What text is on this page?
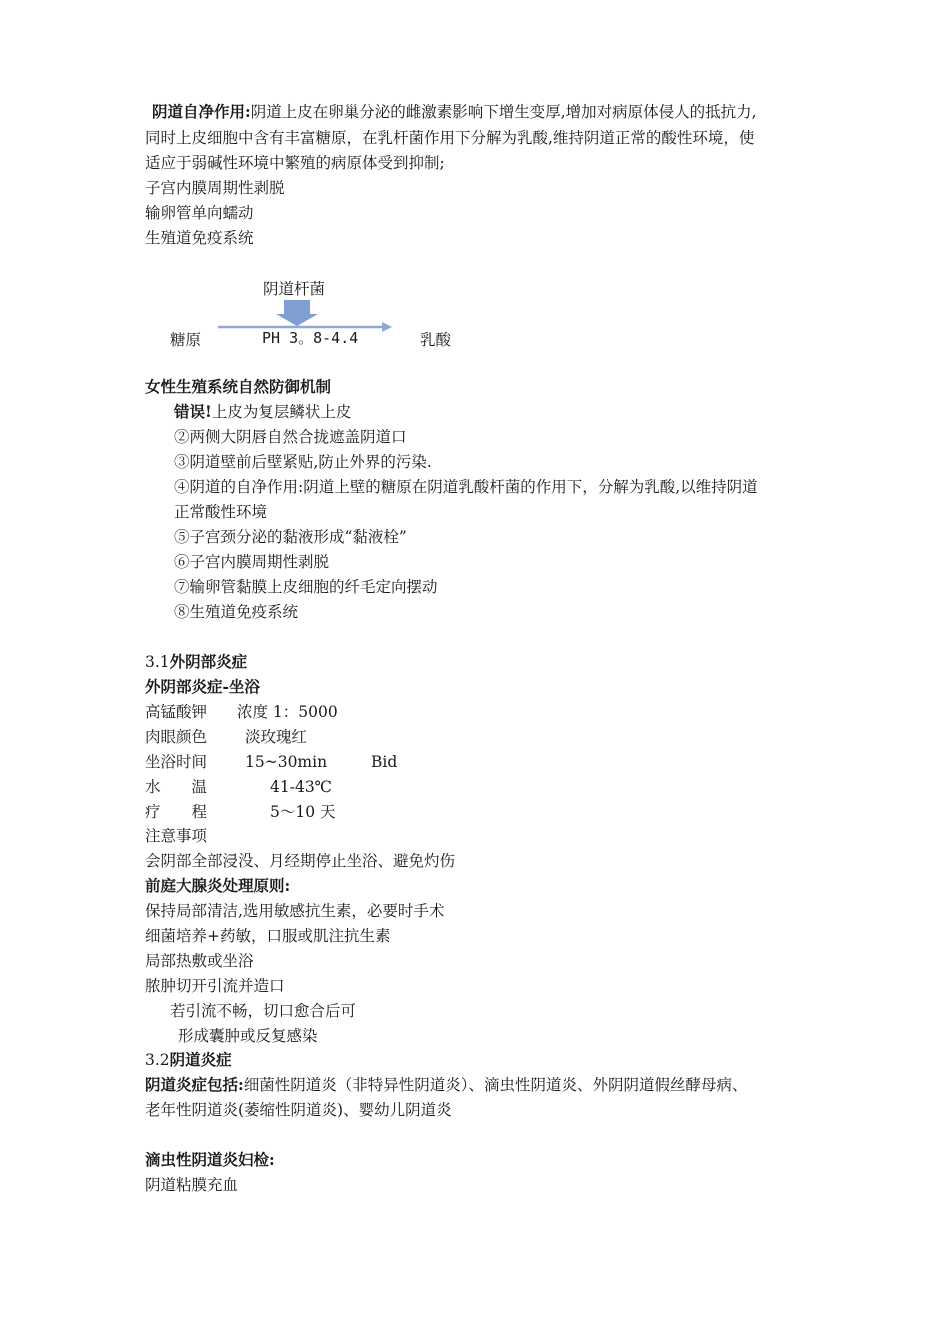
阴道自净作用:阴道上皮在卵巢分泌的雌激素影响下增生变厚,增加对病原体侵人的抵抗力,
同时上皮细胞中含有丰富糖原，在乳杆菌作用下分解为乳酸,维持阴道正常的酸性环境，使
适应于弱碱性环境中繁殖的病原体受到抑制;
子宫内膜周期性剥脱
输卵管单向蠕动
生殖道免疫系统
阴道杆菌
糖原	PH 3。8-4.4	乳酸
女性生殖系统自然防御机制
错误!上皮为复层鳞状上皮
②两侧大阴唇自然合拢遮盖阴道口
③阴道壁前后壁紧贴,防止外界的污染.
④阴道的自净作用:阴道上壁的糖原在阴道乳酸杆菌的作用下，分解为乳酸,以维持阴道
正常酸性环境
⑤子宫颈分泌的黏液形成“黏液栓”
⑥子宫内膜周期性剥脱
⑦输卵管黏膜上皮细胞的纤毛定向摆动
⑧生殖道免疫系统
3.1外阴部炎症
外阴部炎症-坐浴
高锰酸钾 浓度 1：5000
肉眼颜色 淡玫瑰红
坐浴时间 15~30min	Bid
水　　温	41-43℃
疗　　程	5～10 天
注意事项
会阴部全部浸没、月经期停止坐浴、避免灼伤
前庭大腺炎处理原则:
保持局部清洁,选用敏感抗生素，必要时手术
细菌培养+药敏，口服或肌注抗生素
局部热敷或坐浴
脓肿切开引流并造口
若引流不畅，切口愈合后可
形成囊肿或反复感染
3.2阴道炎症
阴道炎症包括:细菌性阴道炎（非特异性阴道炎）、滴虫性阴道炎、外阴阴道假丝酵母病、
老年性阴道炎(萎缩性阴道炎)、婴幼儿阴道炎
滴虫性阴道炎妇检:
阴道粘膜充血
